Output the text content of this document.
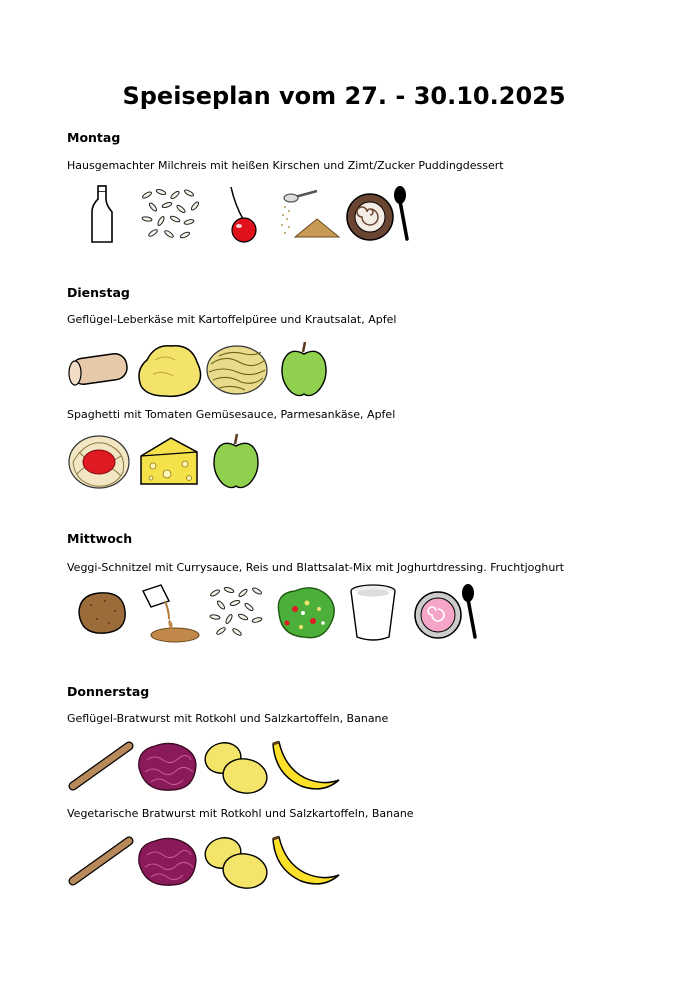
Speiseplan vom 27. - 30.10.2025
Montag
Hausgemachter Milchreis mit heißen Kirschen und Zimt/Zucker Puddingdessert
Dienstag
Geflügel-Leberkäse mit Kartoffelpüree und Krautsalat, Apfel
Spaghetti mit Tomaten Gemüsesauce, Parmesankäse, Apfel
Mittwoch
Veggi-Schnitzel mit Currysauce, Reis und Blattsalat-Mix mit Joghurtdressing. Fruchtjoghurt
Donnerstag
Geflügel-Bratwurst mit Rotkohl und Salzkartoffeln, Banane
Vegetarische Bratwurst mit Rotkohl und Salzkartoffeln, Banane
